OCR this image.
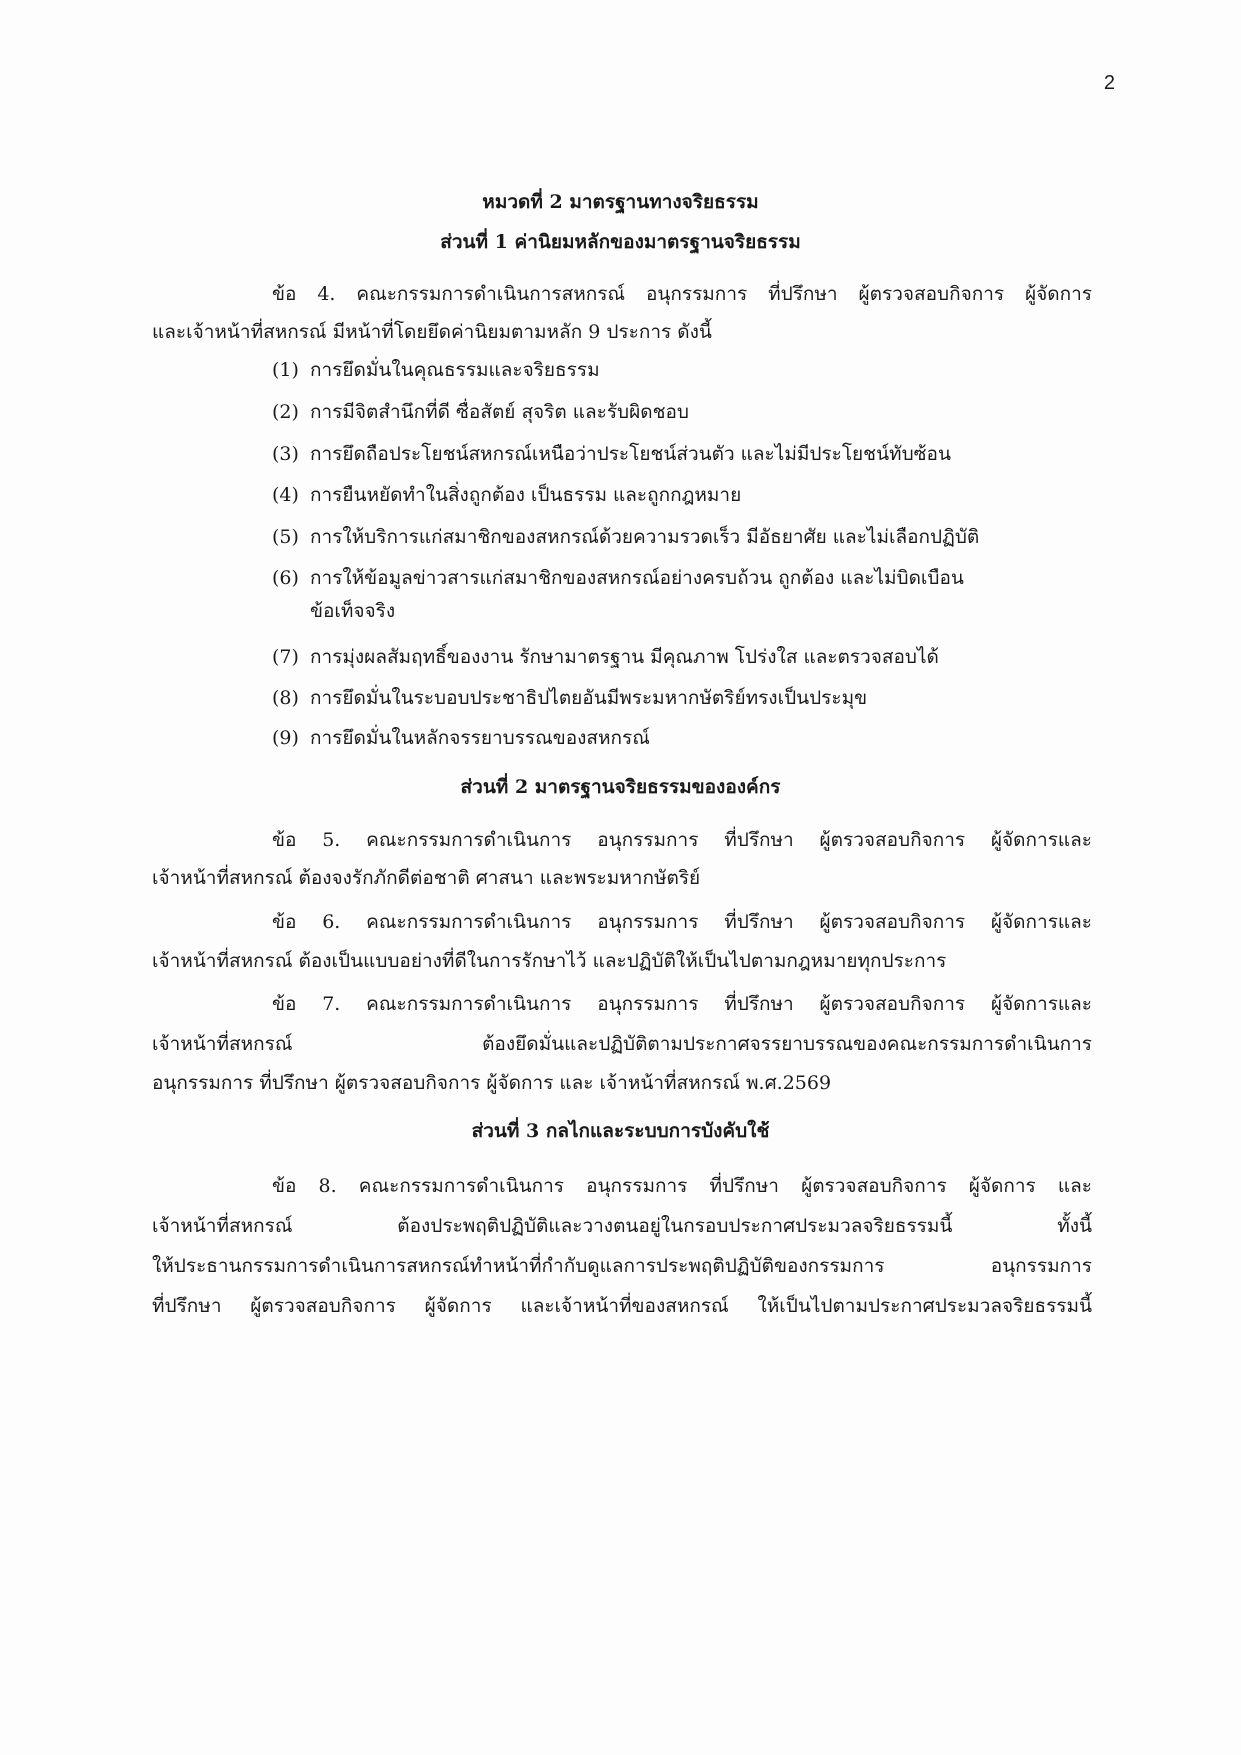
2
หมวดที่ 2 มาตรฐานทางจริยธรรม
ส่วนที่ 1 ค่านิยมหลักของมาตรฐานจริยธรรม
ข้อ 4. คณะกรรมการดำเนินการสหกรณ์ อนุกรรมการ ที่ปรึกษา ผู้ตรวจสอบกิจการ ผู้จัดการ
และเจ้าหน้าที่สหกรณ์ มีหน้าที่โดยยึดค่านิยมตามหลัก 9 ประการ ดังนี้
(1) การยึดมั่นในคุณธรรมและจริยธรรม
(2) การมีจิตสำนึกที่ดี ซื่อสัตย์ สุจริต และรับผิดชอบ
(3) การยึดถือประโยชน์สหกรณ์เหนือว่าประโยชน์ส่วนตัว และไม่มีประโยชน์ทับซ้อน
(4) การยืนหยัดทำในสิ่งถูกต้อง เป็นธรรม และถูกกฎหมาย
(5) การให้บริการแก่สมาชิกของสหกรณ์ด้วยความรวดเร็ว มีอัธยาศัย และไม่เลือกปฏิบัติ
(6) การให้ข้อมูลข่าวสารแก่สมาชิกของสหกรณ์อย่างครบถ้วน ถูกต้อง และไม่บิดเบือน
ข้อเท็จจริง
(7) การมุ่งผลสัมฤทธิ์ของงาน รักษามาตรฐาน มีคุณภาพ โปร่งใส และตรวจสอบได้
(8) การยึดมั่นในระบอบประชาธิปไตยอันมีพระมหากษัตริย์ทรงเป็นประมุข
(9) การยึดมั่นในหลักจรรยาบรรณของสหกรณ์
ส่วนที่ 2 มาตรฐานจริยธรรมขององค์กร
ข้อ 5. คณะกรรมการดำเนินการ อนุกรรมการ ที่ปรึกษา ผู้ตรวจสอบกิจการ ผู้จัดการและ
เจ้าหน้าที่สหกรณ์ ต้องจงรักภักดีต่อชาติ ศาสนา และพระมหากษัตริย์
ข้อ 6. คณะกรรมการดำเนินการ อนุกรรมการ ที่ปรึกษา ผู้ตรวจสอบกิจการ ผู้จัดการและ
เจ้าหน้าที่สหกรณ์ ต้องเป็นแบบอย่างที่ดีในการรักษาไว้ และปฏิบัติให้เป็นไปตามกฎหมายทุกประการ
ข้อ 7. คณะกรรมการดำเนินการ อนุกรรมการ ที่ปรึกษา ผู้ตรวจสอบกิจการ ผู้จัดการและ
เจ้าหน้าที่สหกรณ์ ต้องยึดมั่นและปฏิบัติตามประกาศจรรยาบรรณของคณะกรรมการดำเนินการ
อนุกรรมการ ที่ปรึกษา ผู้ตรวจสอบกิจการ ผู้จัดการ และ เจ้าหน้าที่สหกรณ์ พ.ศ.2569
ส่วนที่ 3 กลไกและระบบการบังคับใช้
ข้อ 8. คณะกรรมการดำเนินการ อนุกรรมการ ที่ปรึกษา ผู้ตรวจสอบกิจการ ผู้จัดการ และ
เจ้าหน้าที่สหกรณ์ ต้องประพฤติปฏิบัติและวางตนอยู่ในกรอบประกาศประมวลจริยธรรมนี้ ทั้งนี้
ให้ประธานกรรมการดำเนินการสหกรณ์ทำหน้าที่กำกับดูแลการประพฤติปฏิบัติของกรรมการ อนุกรรมการ
ที่ปรึกษา ผู้ตรวจสอบกิจการ ผู้จัดการ และเจ้าหน้าที่ของสหกรณ์ ให้เป็นไปตามประกาศประมวลจริยธรรมนี้
